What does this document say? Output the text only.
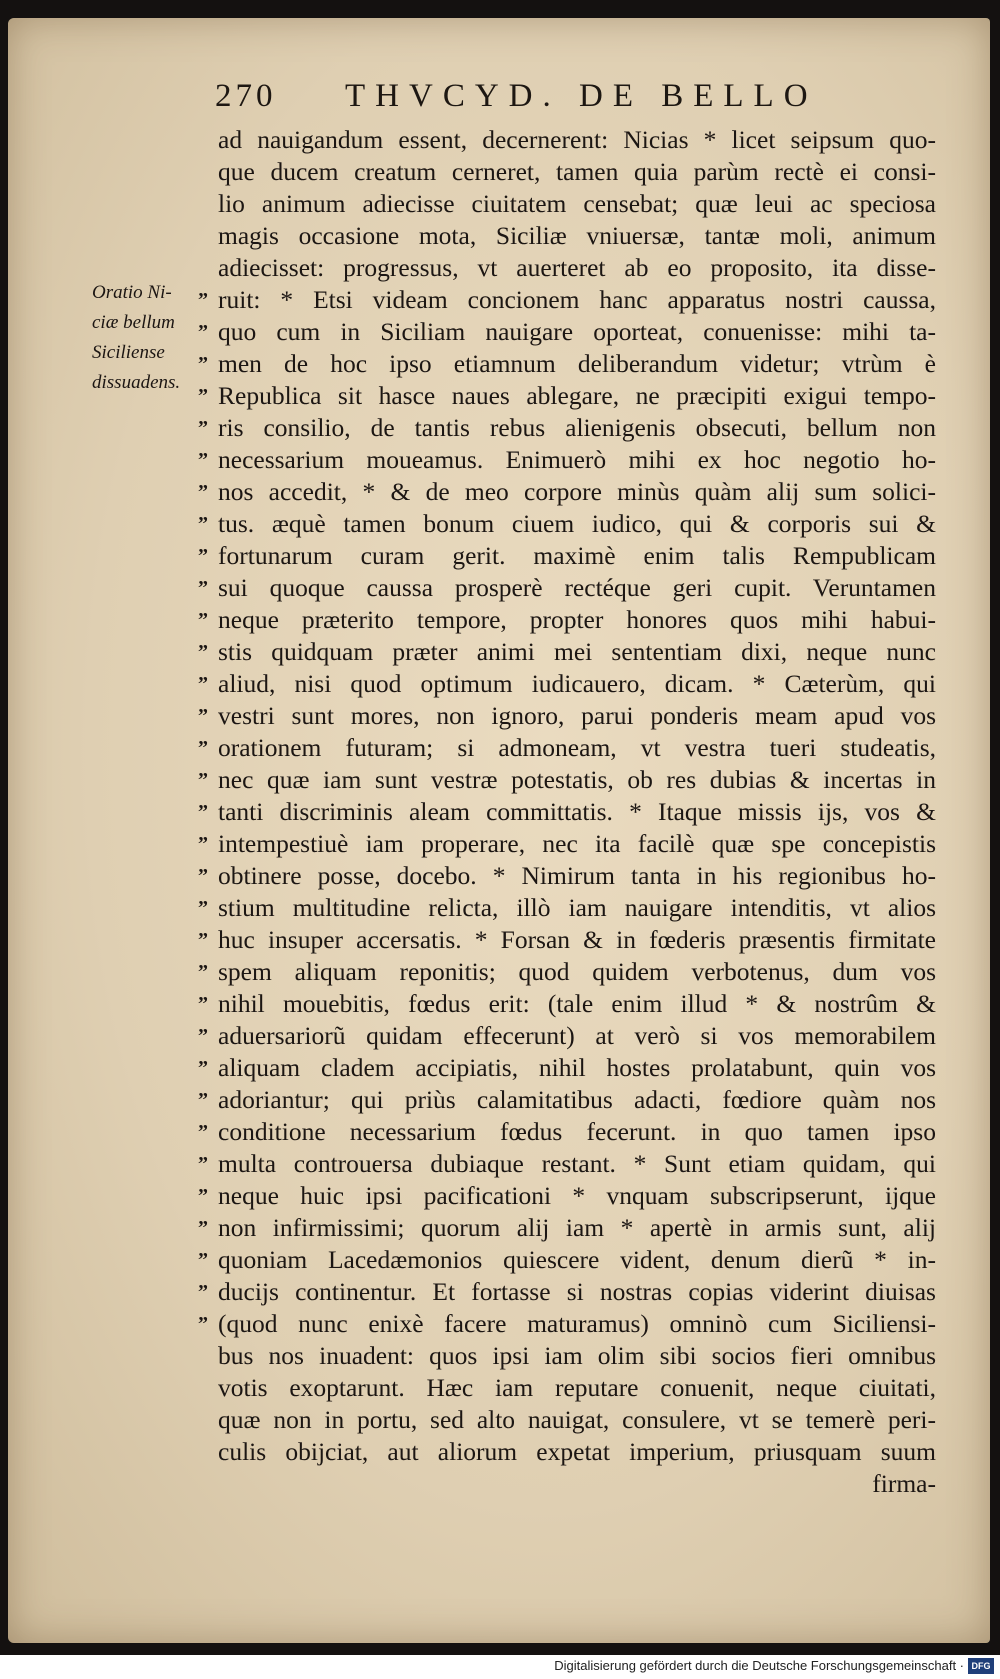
270 THVCYD. DE BELLO
Oratio Ni-
ciæ bellum
Siciliense
dissuadens.
”
”
”
”
”
”
”
”
”
”
”
”
”
”
”
”
”
”
”
”
”
”
”
”
”
”
”
”
”
”
”
”
”
ad nauigandum essent, decernerent: Nicias * licet seipsum quo-
que ducem creatum cerneret, tamen quia parùm rectè ei consi-
lio animum adiecisse ciuitatem censebat; quæ leui ac speciosa
magis occasione mota, Siciliæ vniuersæ, tantæ moli, animum
adiecisset: progressus, vt auerteret ab eo proposito, ita disse-
ruit: * Etsi videam concionem hanc apparatus nostri caussa,
quo cum in Siciliam nauigare oporteat, conuenisse: mihi ta-
men de hoc ipso etiamnum deliberandum videtur; vtrùm è
Republica sit hasce naues ablegare, ne præcipiti exigui tempo-
ris consilio, de tantis rebus alienigenis obsecuti, bellum non
necessarium moueamus. Enimuerò mihi ex hoc negotio ho-
nos accedit, * & de meo corpore minùs quàm alij sum solici-
tus. æquè tamen bonum ciuem iudico, qui & corporis sui &
fortunarum curam gerit. maximè enim talis Rempublicam
sui quoque caussa prosperè rectéque geri cupit. Veruntamen
neque præterito tempore, propter honores quos mihi habui-
stis quidquam præter animi mei sententiam dixi, neque nunc
aliud, nisi quod optimum iudicauero, dicam. * Cæterùm, qui
vestri sunt mores, non ignoro, parui ponderis meam apud vos
orationem futuram; si admoneam, vt vestra tueri studeatis,
nec quæ iam sunt vestræ potestatis, ob res dubias & incertas in
tanti discriminis aleam committatis. * Itaque missis ijs, vos &
intempestiuè iam properare, nec ita facilè quæ spe concepistis
obtinere posse, docebo. * Nimirum tanta in his regionibus ho-
stium multitudine relicta, illò iam nauigare intenditis, vt alios
huc insuper accersatis. * Forsan & in fœderis præsentis firmitate
spem aliquam reponitis; quod quidem verbotenus, dum vos
nihil mouebitis, fœdus erit: (tale enim illud * & nostrûm &
aduersariorũ quidam effecerunt) at verò si vos memorabilem
aliquam cladem accipiatis, nihil hostes prolatabunt, quin vos
adoriantur; qui priùs calamitatibus adacti, fœdiore quàm nos
conditione necessarium fœdus fecerunt. in quo tamen ipso
multa controuersa dubiaque restant. * Sunt etiam quidam, qui
neque huic ipsi pacificationi * vnquam subscripserunt, ijque
non infirmissimi; quorum alij iam * apertè in armis sunt, alij
quoniam Lacedæmonios quiescere vident, denum dierũ * in-
ducijs continentur. Et fortasse si nostras copias viderint diuisas
(quod nunc enixè facere maturamus) omninò cum Siciliensi-
bus nos inuadent: quos ipsi iam olim sibi socios fieri omnibus
votis exoptarunt. Hæc iam reputare conuenit, neque ciuitati,
quæ non in portu, sed alto nauigat, consulere, vt se temerè peri-
culis obijciat, aut aliorum expetat imperium, priusquam suum
firma-
Digitalisierung gefördert durch die Deutsche Forschungsgemeinschaft · DFG
